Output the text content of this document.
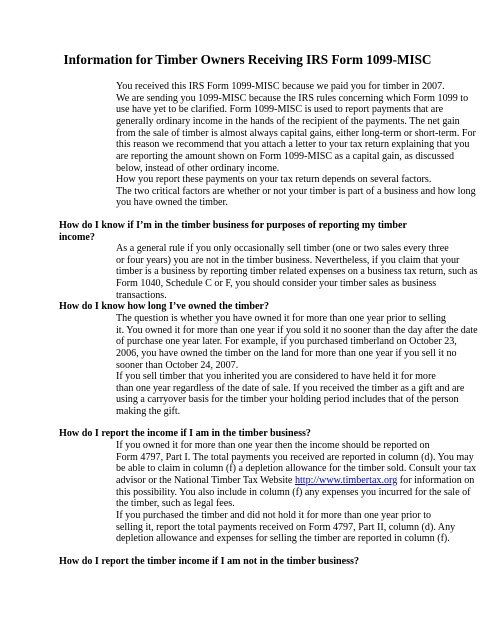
Information for Timber Owners Receiving IRS Form 1099-MISC

You received this IRS Form 1099-MISC because we paid you for timber in 2007.
We are sending you 1099-MISC because the IRS rules concerning which Form 1099 to
use have yet to be clarified. Form 1099-MISC is used to report payments that are
generally ordinary income in the hands of the recipient of the payments. The net gain
from the sale of timber is almost always capital gains, either long-term or short-term. For
this reason we recommend that you attach a letter to your tax return explaining that you
are reporting the amount shown on Form 1099-MISC as a capital gain, as discussed
below, instead of other ordinary income.

How you report these payments on your tax return depends on several factors.
The two critical factors are whether or not your timber is part of a business and how long
you have owned the timber.

How do I know if I’m in the timber business for purposes of reporting my timber
income?

As a general rule if you only occasionally sell timber (one or two sales every three
or four years) you are not in the timber business. Nevertheless, if you claim that your
timber is a business by reporting timber related expenses on a business tax return, such as
Form 1040, Schedule C or F, you should consider your timber sales as business
transactions.

How do I know how long I’ve owned the timber?

The question is whether you have owned it for more than one year prior to selling
it. You owned it for more than one year if you sold it no sooner than the day after the date
of purchase one year later. For example, if you purchased timberland on October 23,
2006, you have owned the timber on the land for more than one year if you sell it no
sooner than October 24, 2007.

If you sell timber that you inherited you are considered to have held it for more
than one year regardless of the date of sale. If you received the timber as a gift and are
using a carryover basis for the timber your holding period includes that of the person
making the gift.

How do I report the income if I am in the timber business?

If you owned it for more than one year then the income should be reported on
Form 4797, Part I. The total payments you received are reported in column (d). You may
be able to claim in column (f) a depletion allowance for the timber sold. Consult your tax
advisor or the National Timber Tax Website http://www.timbertax.org for information on
this possibility. You also include in column (f) any expenses you incurred for the sale of
the timber, such as legal fees.

If you purchased the timber and did not hold it for more than one year prior to
selling it, report the total payments received on Form 4797, Part II, column (d). Any
depletion allowance and expenses for selling the timber are reported in column (f).

How do I report the timber income if I am not in the timber business?
